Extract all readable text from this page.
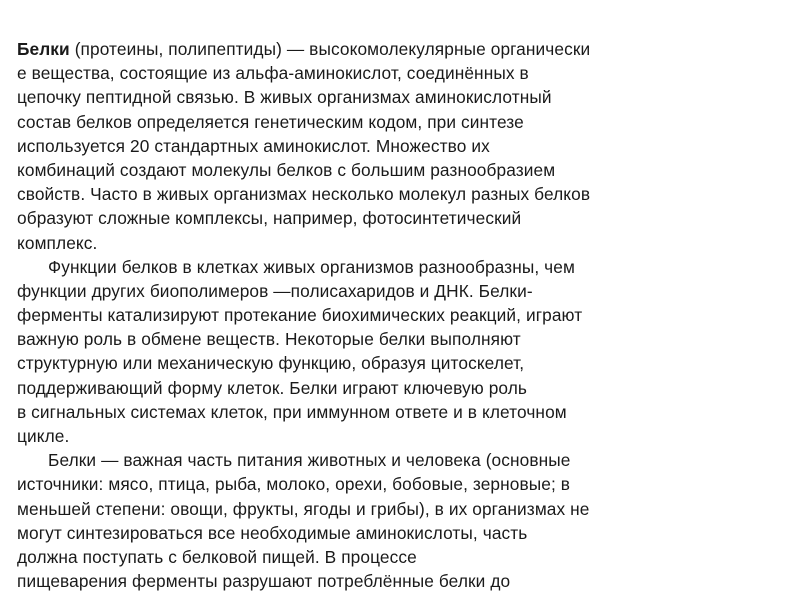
Белки (протеины, полипептиды) — высокомолекулярные органически
е вещества, состоящие из альфа-аминокислот, соединённых в
цепочку пептидной связью. В живых организмах аминокислотный
состав белков определяется генетическим кодом, при синтезе
используется 20 стандартных аминокислот. Множество их
комбинаций создают молекулы белков с большим разнообразием
свойств. Часто в живых организмах несколько молекул разных белков
образуют сложные комплексы, например, фотосинтетический
комплекс.
Функции белков в клетках живых организмов разнообразны, чем
функции других биополимеров —полисахаридов и ДНК. Белки-
ферменты катализируют протекание биохимических реакций, играют
важную роль в обмене веществ. Некоторые белки выполняют
структурную или механическую функцию, образуя цитоскелет,
поддерживающий форму клеток. Белки играют ключевую роль
в сигнальных системах клеток, при иммунном ответе и в клеточном
цикле.
Белки — важная часть питания животных и человека (основные
источники: мясо, птица, рыба, молоко, орехи, бобовые, зерновые; в
меньшей степени: овощи, фрукты, ягоды и грибы), в их организмах не
могут синтезироваться все необходимые аминокислоты, часть
должна поступать с белковой пищей. В процессе
пищеварения ферменты разрушают потреблённые белки до
